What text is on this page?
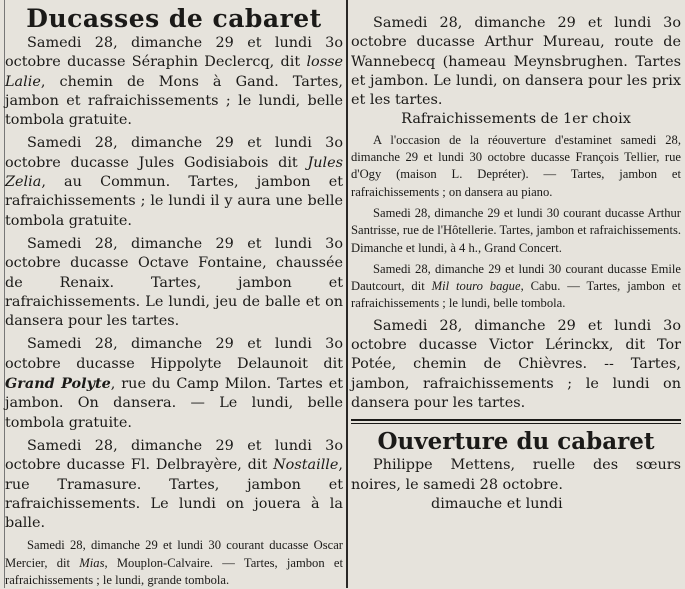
Ducasses de cabaret

Samedi 28, dimanche 29 et lundi 3o octobre ducasse Séraphin Declercq, dit losse Lalie, chemin de Mons à Gand. Tartes, jambon et rafraichissements ; le lundi, belle tombola gratuite.

Samedi 28, dimanche 29 et lundi 3o octobre ducasse Jules Godisiabois dit Jules Zelia, au Commun. Tartes, jambon et rafraichissements ; le lundi il y aura une belle tombola gratuite.

Samedi 28, dimanche 29 et lundi 3o octobre ducasse Octave Fontaine, chaussée de Renaix. Tartes, jambon et rafraichissements. Le lundi, jeu de balle et on dansera pour les tartes.

Samedi 28, dimanche 29 et lundi 3o octobre ducasse Hippolyte Delaunoit dit Grand Polyte, rue du Camp Milon. Tartes et jambon. On dansera. — Le lundi, belle tombola gratuite.

Samedi 28, dimanche 29 et lundi 3o octobre ducasse Fl. Delbrayère, dit Nostaille, rue Tramasure. Tartes, jambon et rafraichissements. Le lundi on jouera à la balle.

Samedi 28, dimanche 29 et lundi 30 courant ducasse Oscar Mercier, dit Mias, Mouplon-Calvaire. — Tartes, jambon et rafraichissements ; le lundi, grande tombola.

Samedi 28, dimanche 29 et lundi 3o octobre ducasse Arthur Mureau, route de Wannebecq (hameau Meynsbrughen. Tartes et jambon. Le lundi, on dansera pour les prix et les tartes.

Rafraichissements de 1er choix

A l'occasion de la réouverture d'estaminet samedi 28, dimanche 29 et lundi 30 octobre ducasse François Tellier, rue d'Ogy (maison L. Depréter). — Tartes, jambon et rafraichissements ; on dansera au piano.

Samedi 28, dimanche 29 et lundi 30 courant ducasse Arthur Santrisse, rue de l'Hôtellerie. Tartes, jambon et rafraichissements. Dimanche et lundi, à 4 h., Grand Concert.

Samedi 28, dimanche 29 et lundi 30 courant ducasse Emile Dautcourt, dit Mil touro bague, Cabu. — Tartes, jambon et rafraichissements ; le lundi, belle tombola.

Samedi 28, dimanche 29 et lundi 3o octobre ducasse Victor Lérinckx, dit Tor Potée, chemin de Chièvres. -- Tartes, jambon, rafraichissements ; le lundi on dansera pour les tartes.

Ouverture du cabaret

Philippe Mettens, ruelle des sœurs noires, le samedi 28 octobre.

dimauche et lundi
